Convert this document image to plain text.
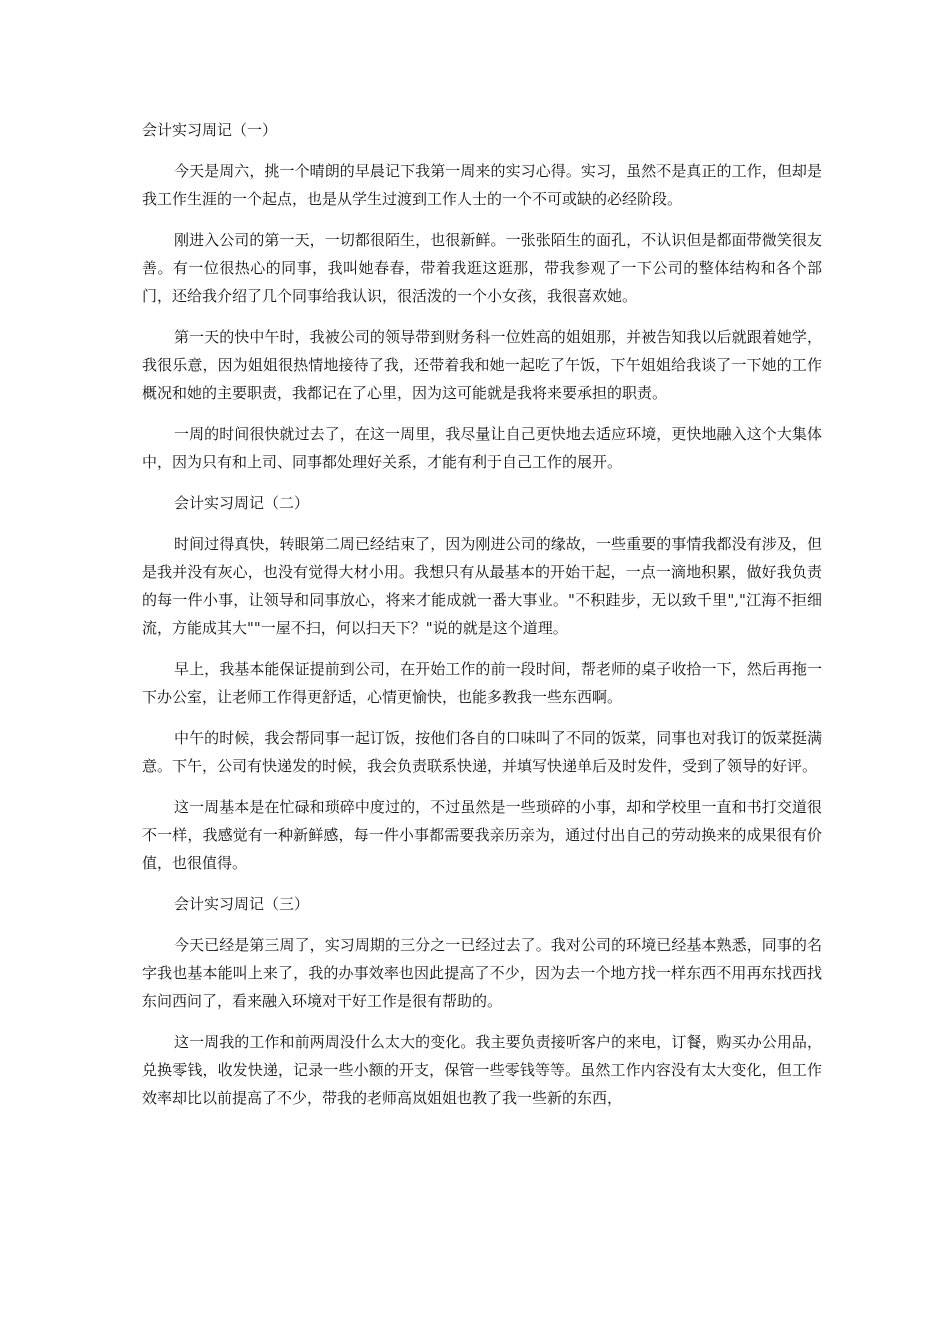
会计实习周记（一）

今天是周六，挑一个晴朗的早晨记下我第一周来的实习心得。实习，虽然不是真正的工作，但却是我工作生涯的一个起点，也是从学生过渡到工作人士的一个不可或缺的必经阶段。

刚进入公司的第一天，一切都很陌生，也很新鲜。一张张陌生的面孔，不认识但是都面带微笑很友善。有一位很热心的同事，我叫她春春，带着我逛这逛那，带我参观了一下公司的整体结构和各个部门，还给我介绍了几个同事给我认识，很活泼的一个小女孩，我很喜欢她。

第一天的快中午时，我被公司的领导带到财务科一位姓高的姐姐那，并被告知我以后就跟着她学，我很乐意，因为姐姐很热情地接待了我，还带着我和她一起吃了午饭，下午姐姐给我谈了一下她的工作概况和她的主要职责，我都记在了心里，因为这可能就是我将来要承担的职责。

一周的时间很快就过去了，在这一周里，我尽量让自己更快地去适应环境，更快地融入这个大集体中，因为只有和上司、同事都处理好关系，才能有利于自己工作的展开。

会计实习周记（二）

时间过得真快，转眼第二周已经结束了，因为刚进公司的缘故，一些重要的事情我都没有涉及，但是我并没有灰心，也没有觉得大材小用。我想只有从最基本的开始干起，一点一滴地积累，做好我负责的每一件小事，让领导和同事放心，将来才能成就一番大事业。"不积跬步，无以致千里","江海不拒细流，方能成其大""一屋不扫，何以扫天下？"说的就是这个道理。

早上，我基本能保证提前到公司，在开始工作的前一段时间，帮老师的桌子收拾一下，然后再拖一下办公室，让老师工作得更舒适，心情更愉快，也能多教我一些东西啊。

中午的时候，我会帮同事一起订饭，按他们各自的口味叫了不同的饭菜，同事也对我订的饭菜挺满意。下午，公司有快递发的时候，我会负责联系快递，并填写快递单后及时发件，受到了领导的好评。

这一周基本是在忙碌和琐碎中度过的，不过虽然是一些琐碎的小事，却和学校里一直和书打交道很不一样，我感觉有一种新鲜感，每一件小事都需要我亲历亲为，通过付出自己的劳动换来的成果很有价值，也很值得。

会计实习周记（三）

今天已经是第三周了，实习周期的三分之一已经过去了。我对公司的环境已经基本熟悉，同事的名字我也基本能叫上来了，我的办事效率也因此提高了不少，因为去一个地方找一样东西不用再东找西找东问西问了，看来融入环境对干好工作是很有帮助的。

这一周我的工作和前两周没什么太大的变化。我主要负责接听客户的来电，订餐，购买办公用品，兑换零钱，收发快递，记录一些小额的开支，保管一些零钱等等。虽然工作内容没有太大变化，但工作效率却比以前提高了不少，带我的老师高岚姐姐也教了我一些新的东西，
